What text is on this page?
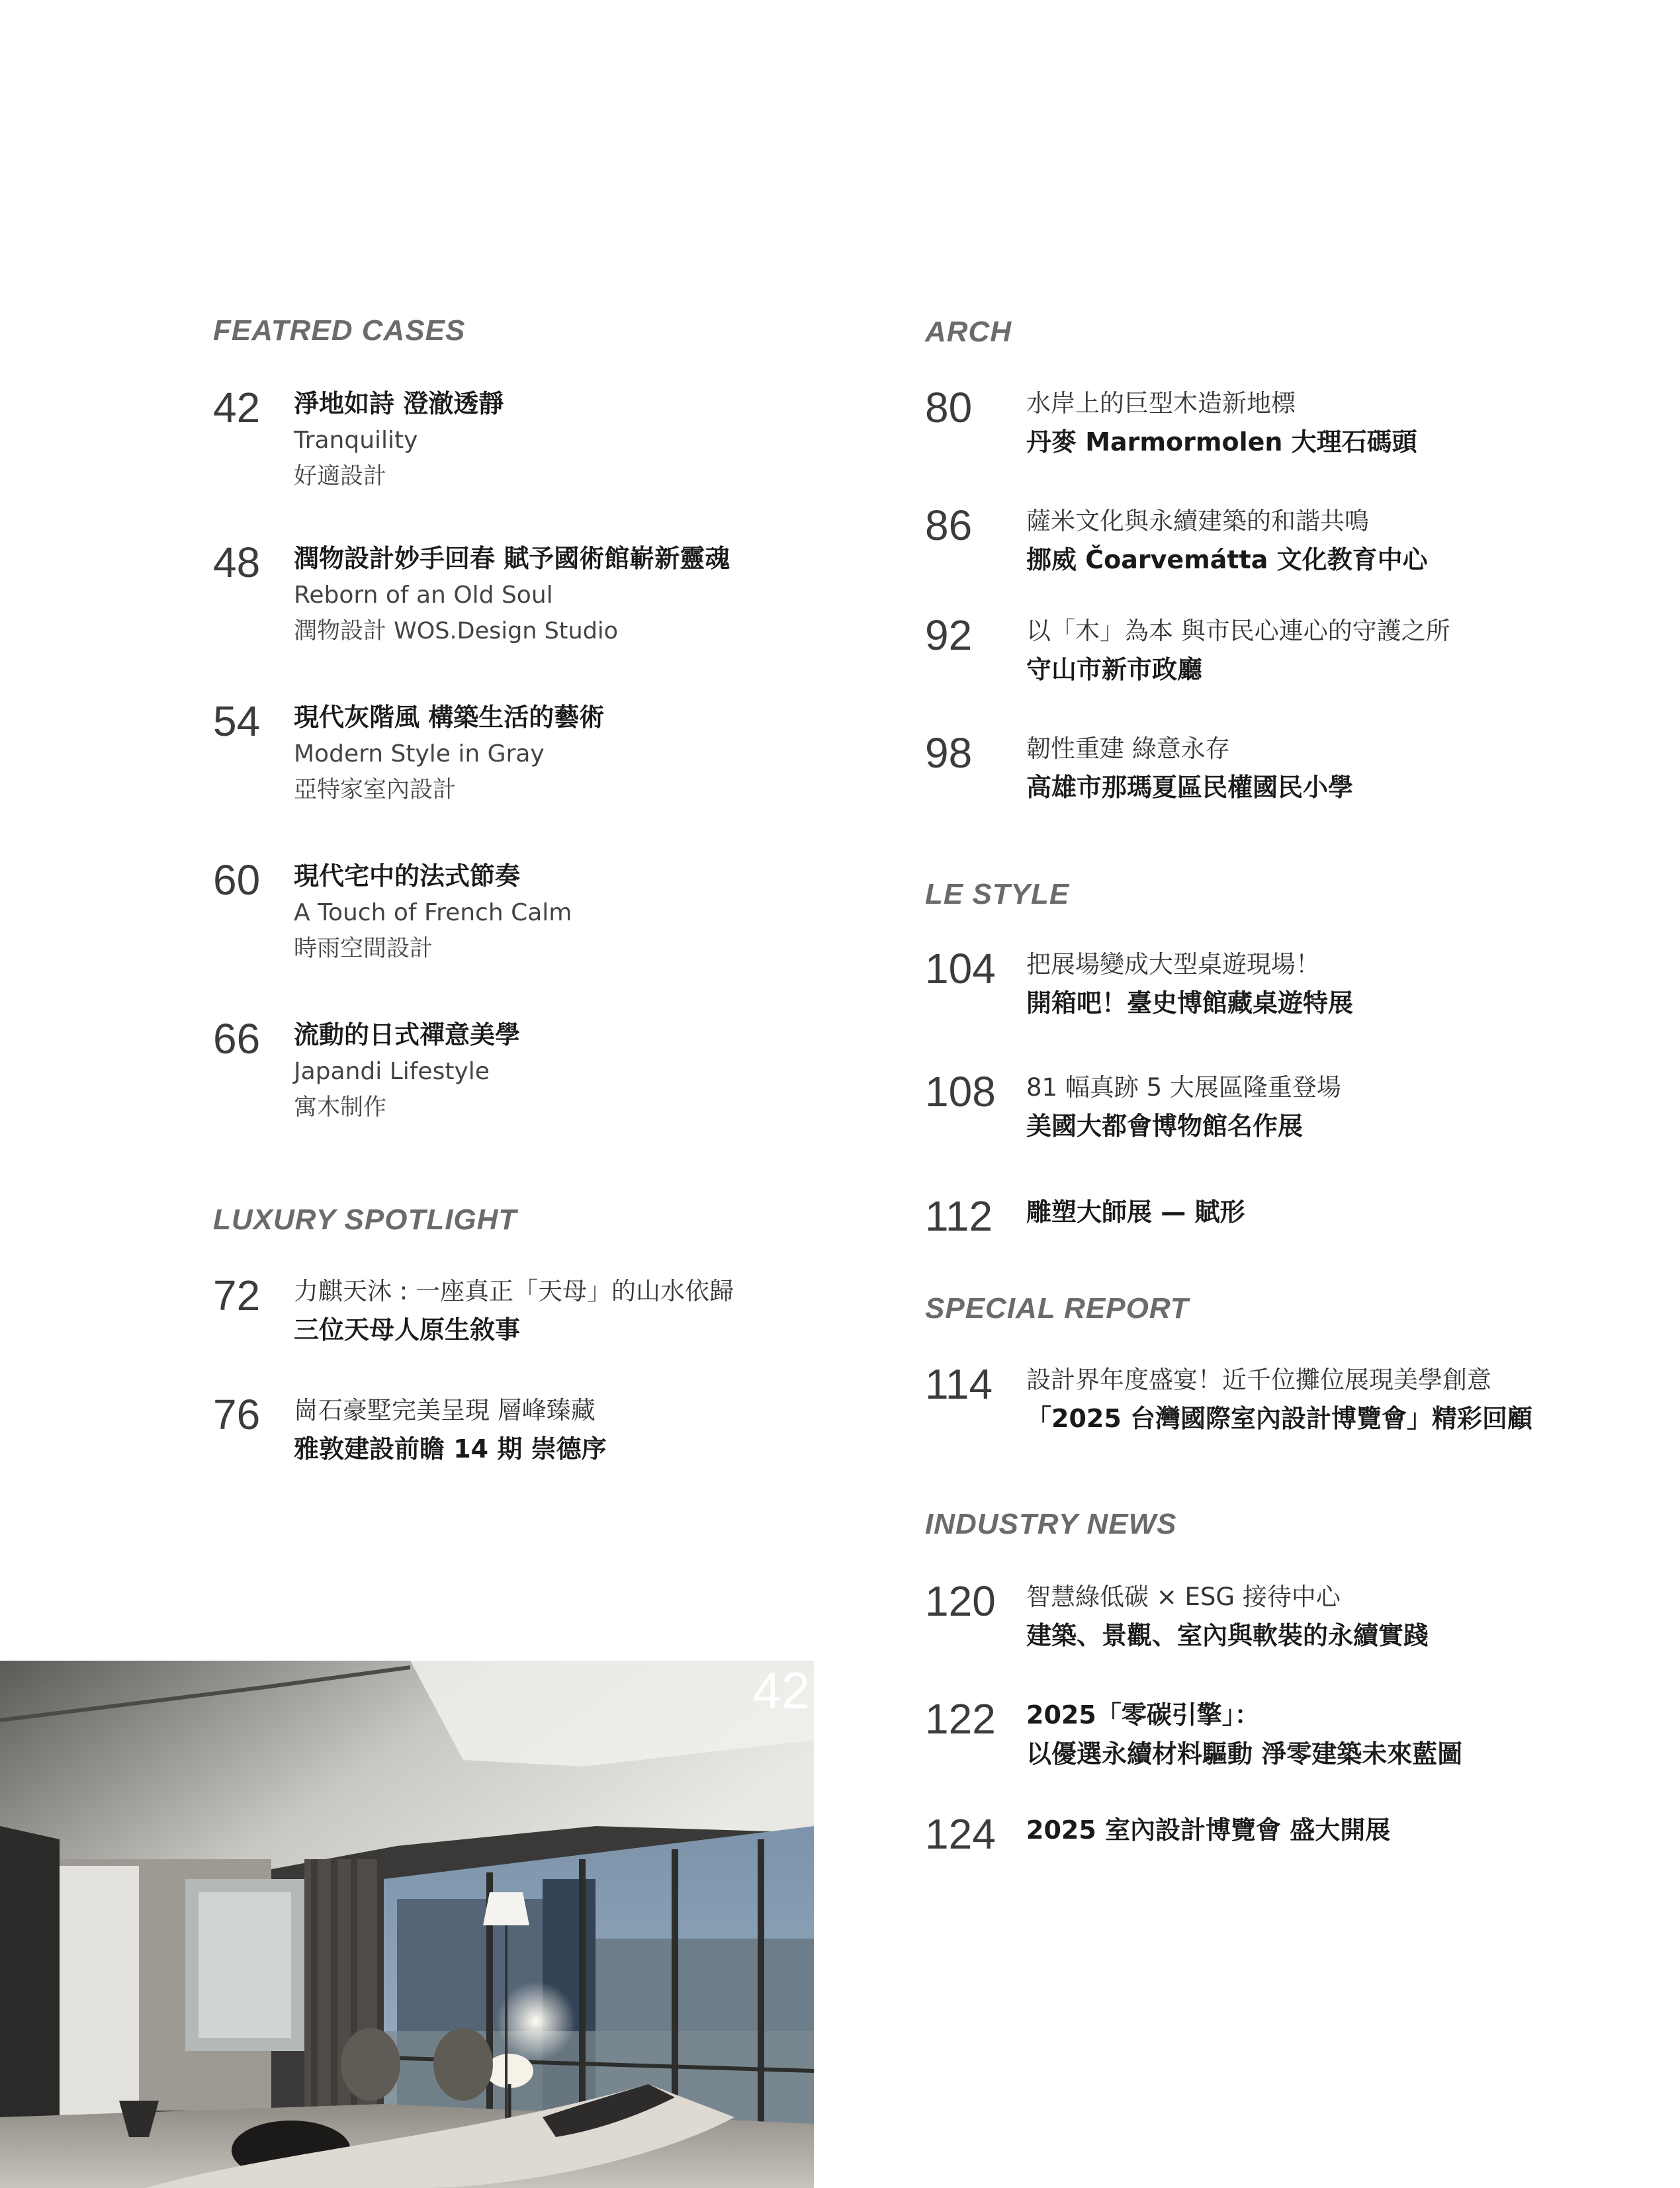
FEATRED CASES
42 淨地如詩 澄澈透靜
Tranquility
好適設計
48 潤物設計妙手回春 賦予國術館嶄新靈魂
Reborn of an Old Soul
潤物設計 WOS.Design Studio
54 現代灰階風 構築生活的藝術
Modern Style in Gray
亞特家室內設計
60 現代宅中的法式節奏
A Touch of French Calm
時雨空間設計
66 流動的日式禪意美學
Japandi Lifestyle
寓木制作
LUXURY SPOTLIGHT
72 力麒天沐 : 一座真正「天母」的山水依歸
三位天母人原生敘事
76 崗石豪墅完美呈現 層峰臻藏
雅敦建設前瞻 14 期 崇德序
ARCH
80 水岸上的巨型木造新地標
丹麥 Marmormolen 大理石碼頭
86 薩米文化與永續建築的和諧共鳴
挪威 Čoarvemátta 文化教育中心
92 以「木」為本 與市民心連心的守護之所
守山市新市政廳
98 韌性重建 綠意永存
高雄市那瑪夏區民權國民小學
LE STYLE
104 把展場變成大型桌遊現場！
開箱吧！臺史博館藏桌遊特展
108 81 幅真跡 5 大展區隆重登場
美國大都會博物館名作展
112 雕塑大師展 — 賦形
SPECIAL REPORT
114 設計界年度盛宴！近千位攤位展現美學創意
「2025 台灣國際室內設計博覽會」精彩回顧
INDUSTRY NEWS
120 智慧綠低碳 × ESG 接待中心
建築、景觀、室內與軟裝的永續實踐
122 2025「零碳引擎」：
以優選永續材料驅動 淨零建築未來藍圖
124 2025 室內設計博覽會 盛大開展
42
